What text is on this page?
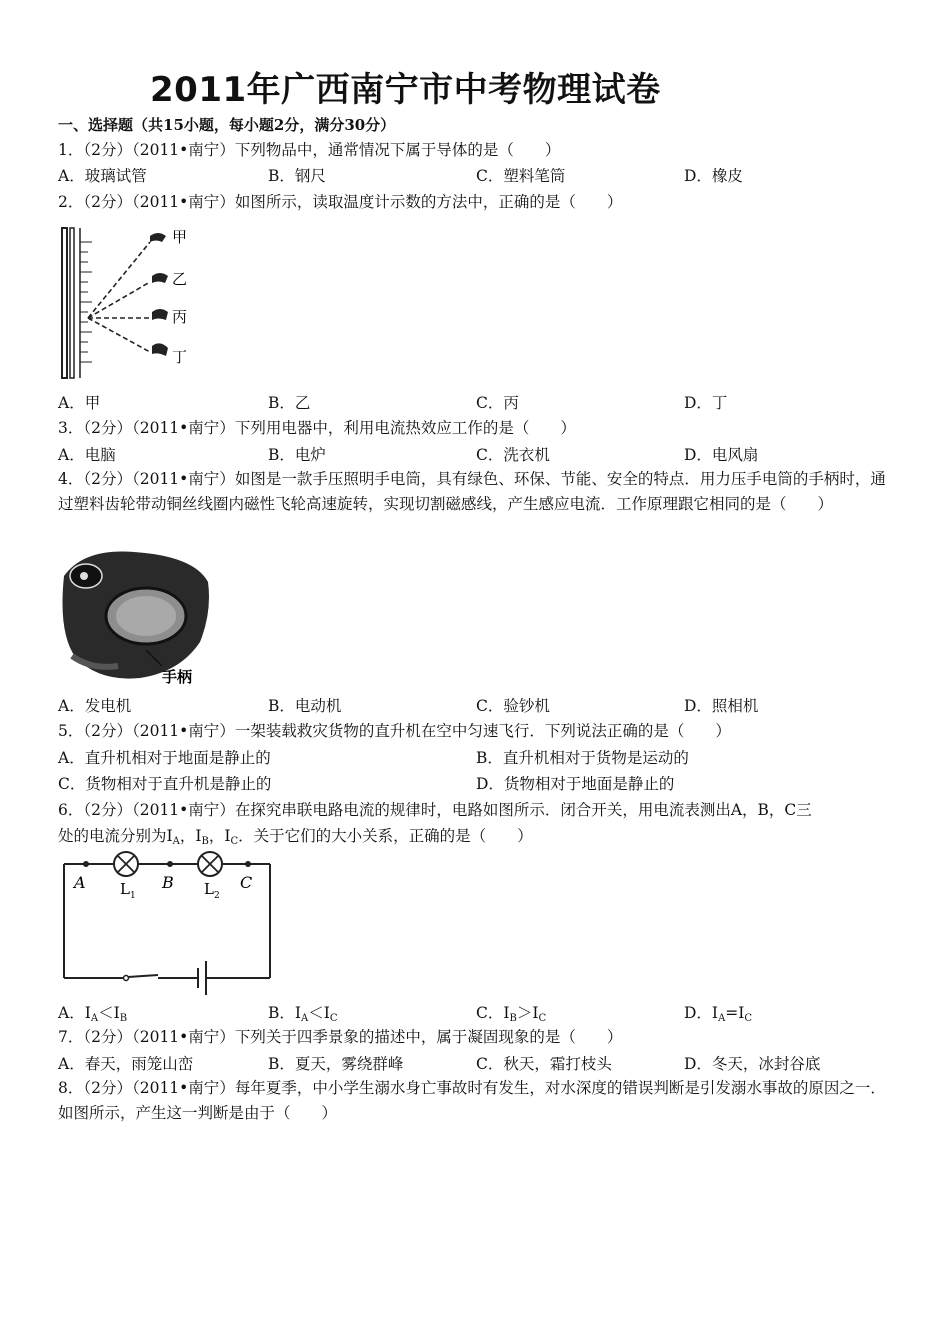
2011年广西南宁市中考物理试卷
一、选择题（共15小题，每小题2分，满分30分）
1．（2分）（2011•南宁）下列物品中，通常情况下属于导体的是（　　）
A．玻璃试管	B．钢尺	C．塑料笔筒	D．橡皮
2．（2分）（2011•南宁）如图所示，读取温度计示数的方法中，正确的是（　　）
甲
乙
丙
丁
A．甲	B．乙	C．丙	D．丁
3．（2分）（2011•南宁）下列用电器中，利用电流热效应工作的是（　　）
A．电脑	B．电炉	C．洗衣机	D．电风扇
4．（2分）（2011•南宁）如图是一款手压照明手电筒，具有绿色、环保、节能、安全的特点．用力压手电筒的手柄时，通过塑料齿轮带动铜丝线圈内磁性飞轮高速旋转，实现切割磁感线，产生感应电流．工作原理跟它相同的是（　　）
手柄
A．发电机	B．电动机	C．验钞机	D．照相机
5．（2分）（2011•南宁）一架装载救灾货物的直升机在空中匀速飞行．下列说法正确的是（　　）
A．直升机相对于地面是静止的	B．直升机相对于货物是运动的
C．货物相对于直升机是静止的	D．货物相对于地面是静止的
6．（2分）（2011•南宁）在探究串联电路电流的规律时，电路如图所示．闭合开关，用电流表测出A，B，C三
处的电流分别为$I_A$，$I_B$，$I_C$．关于它们的大小关系，正确的是（　　）
A	B	C
L 1	L 2
A．$I_A<I_B$	B．$I_A<I_C$	C．$I_B>I_C$	D．$I_A=I_C$
7．（2分）（2011•南宁）下列关于四季景象的描述中，属于凝固现象的是（　　）
A．春天，雨笼山峦	B．夏天，雾绕群峰	C．秋天，霜打枝头	D．冬天，冰封谷底
8．（2分）（2011•南宁）每年夏季，中小学生溺水身亡事故时有发生，对水深度的错误判断是引发溺水事故的原因之一．如图所示，产生这一判断是由于（　　）
